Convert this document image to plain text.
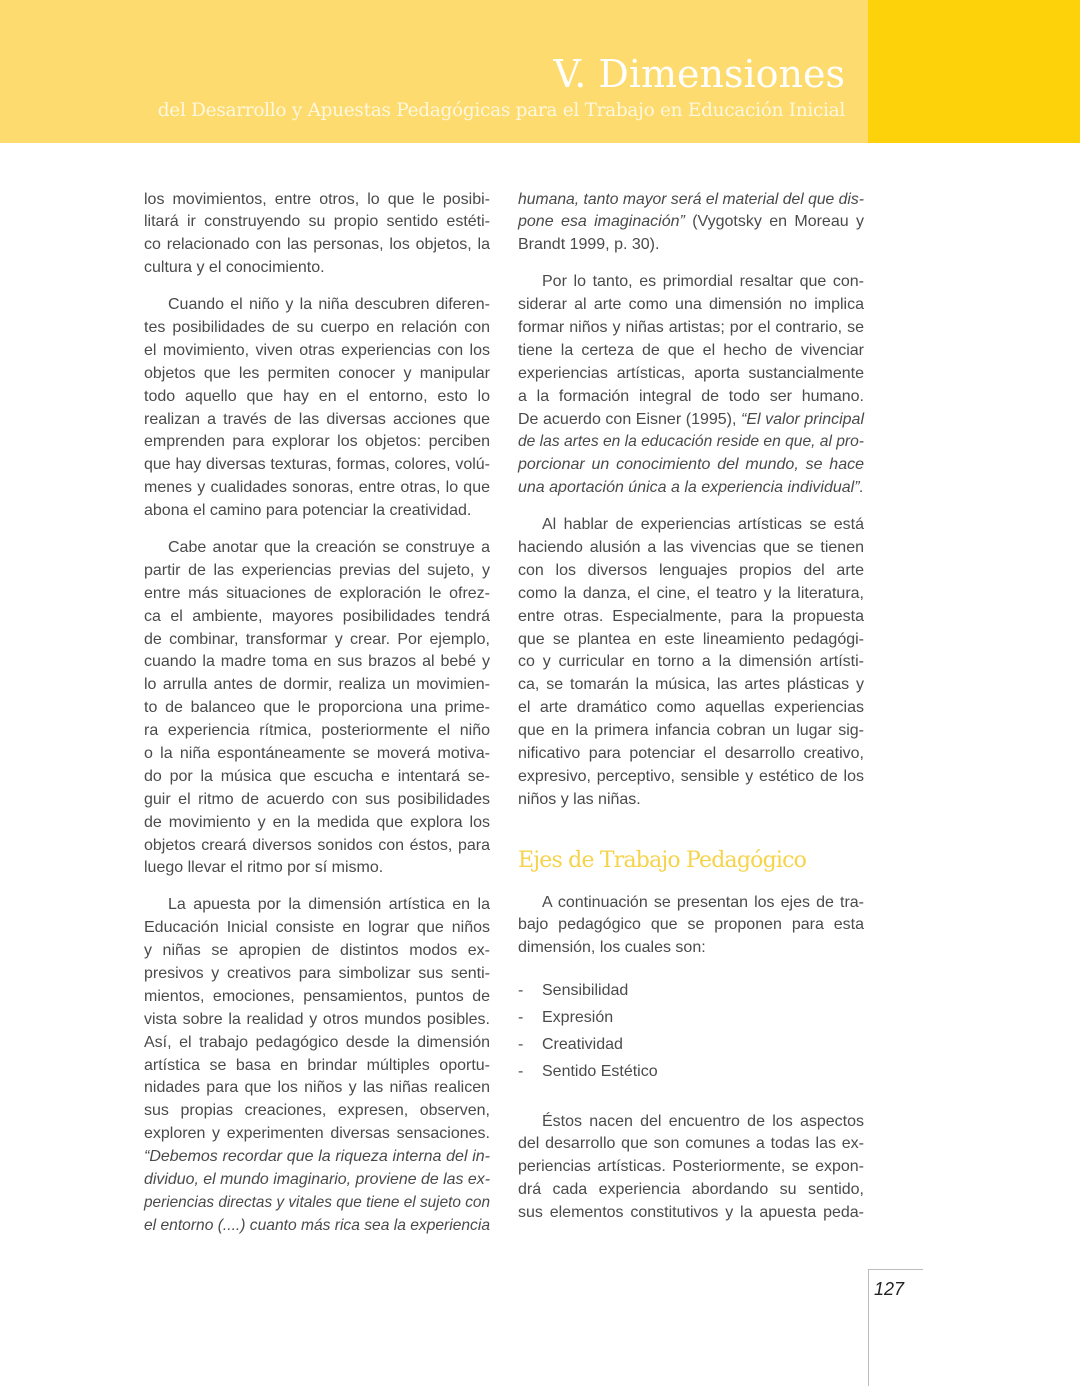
V. Dimensiones
del Desarrollo y Apuestas Pedagógicas para el Trabajo en Educación Inicial
los movimientos, entre otros, lo que le posibi-
litará ir construyendo su propio sentido estéti-
co relacionado con las personas, los objetos, la
cultura y el conocimiento.
Cuando el niño y la niña descubren diferen-
tes posibilidades de su cuerpo en relación con
el movimiento, viven otras experiencias con los
objetos que les permiten conocer y manipular
todo aquello que hay en el entorno, esto lo
realizan a través de las diversas acciones que
emprenden para explorar los objetos: perciben
que hay diversas texturas, formas, colores, volú-
menes y cualidades sonoras, entre otras, lo que
abona el camino para potenciar la creatividad.
Cabe anotar que la creación se construye a
partir de las experiencias previas del sujeto, y
entre más situaciones de exploración le ofrez-
ca el ambiente, mayores posibilidades tendrá
de combinar, transformar y crear. Por ejemplo,
cuando la madre toma en sus brazos al bebé y
lo arrulla antes de dormir, realiza un movimien-
to de balanceo que le proporciona una prime-
ra experiencia rítmica, posteriormente el niño
o la niña espontáneamente se moverá motiva-
do por la música que escucha e intentará se-
guir el ritmo de acuerdo con sus posibilidades
de movimiento y en la medida que explora los
objetos creará diversos sonidos con éstos, para
luego llevar el ritmo por sí mismo.
La apuesta por la dimensión artística en la
Educación Inicial consiste en lograr que niños
y niñas se apropien de distintos modos ex-
presivos y creativos para simbolizar sus senti-
mientos, emociones, pensamientos, puntos de
vista sobre la realidad y otros mundos posibles.
Así, el trabajo pedagógico desde la dimensión
artística se basa en brindar múltiples oportu-
nidades para que los niños y las niñas realicen
sus propias creaciones, expresen, observen,
exploren y experimenten diversas sensaciones.
“Debemos recordar que la riqueza interna del in-
dividuo, el mundo imaginario, proviene de las ex-
periencias directas y vitales que tiene el sujeto con
el entorno (....) cuanto más rica sea la experiencia
humana, tanto mayor será el material del que dis-
pone esa imaginación” (Vygotsky en Moreau y
Brandt 1999, p. 30).
Por lo tanto, es primordial resaltar que con-
siderar al arte como una dimensión no implica
formar niños y niñas artistas; por el contrario, se
tiene la certeza de que el hecho de vivenciar
experiencias artísticas, aporta sustancialmente
a la formación integral de todo ser humano.
De acuerdo con Eisner (1995), “El valor principal
de las artes en la educación reside en que, al pro-
porcionar un conocimiento del mundo, se hace
una aportación única a la experiencia individual”.
Al hablar de experiencias artísticas se está
haciendo alusión a las vivencias que se tienen
con los diversos lenguajes propios del arte
como la danza, el cine, el teatro y la literatura,
entre otras. Especialmente, para la propuesta
que se plantea en este lineamiento pedagógi-
co y curricular en torno a la dimensión artísti-
ca, se tomarán la música, las artes plásticas y
el arte dramático como aquellas experiencias
que en la primera infancia cobran un lugar sig-
nificativo para potenciar el desarrollo creativo,
expresivo, perceptivo, sensible y estético de los
niños y las niñas.
Ejes de Trabajo Pedagógico
A continuación se presentan los ejes de tra-
bajo pedagógico que se proponen para esta
dimensión, los cuales son:
- Sensibilidad
- Expresión
- Creatividad
- Sentido Estético
Éstos nacen del encuentro de los aspectos
del desarrollo que son comunes a todas las ex-
periencias artísticas. Posteriormente, se expon-
drá cada experiencia abordando su sentido,
sus elementos constitutivos y la apuesta peda-
127
